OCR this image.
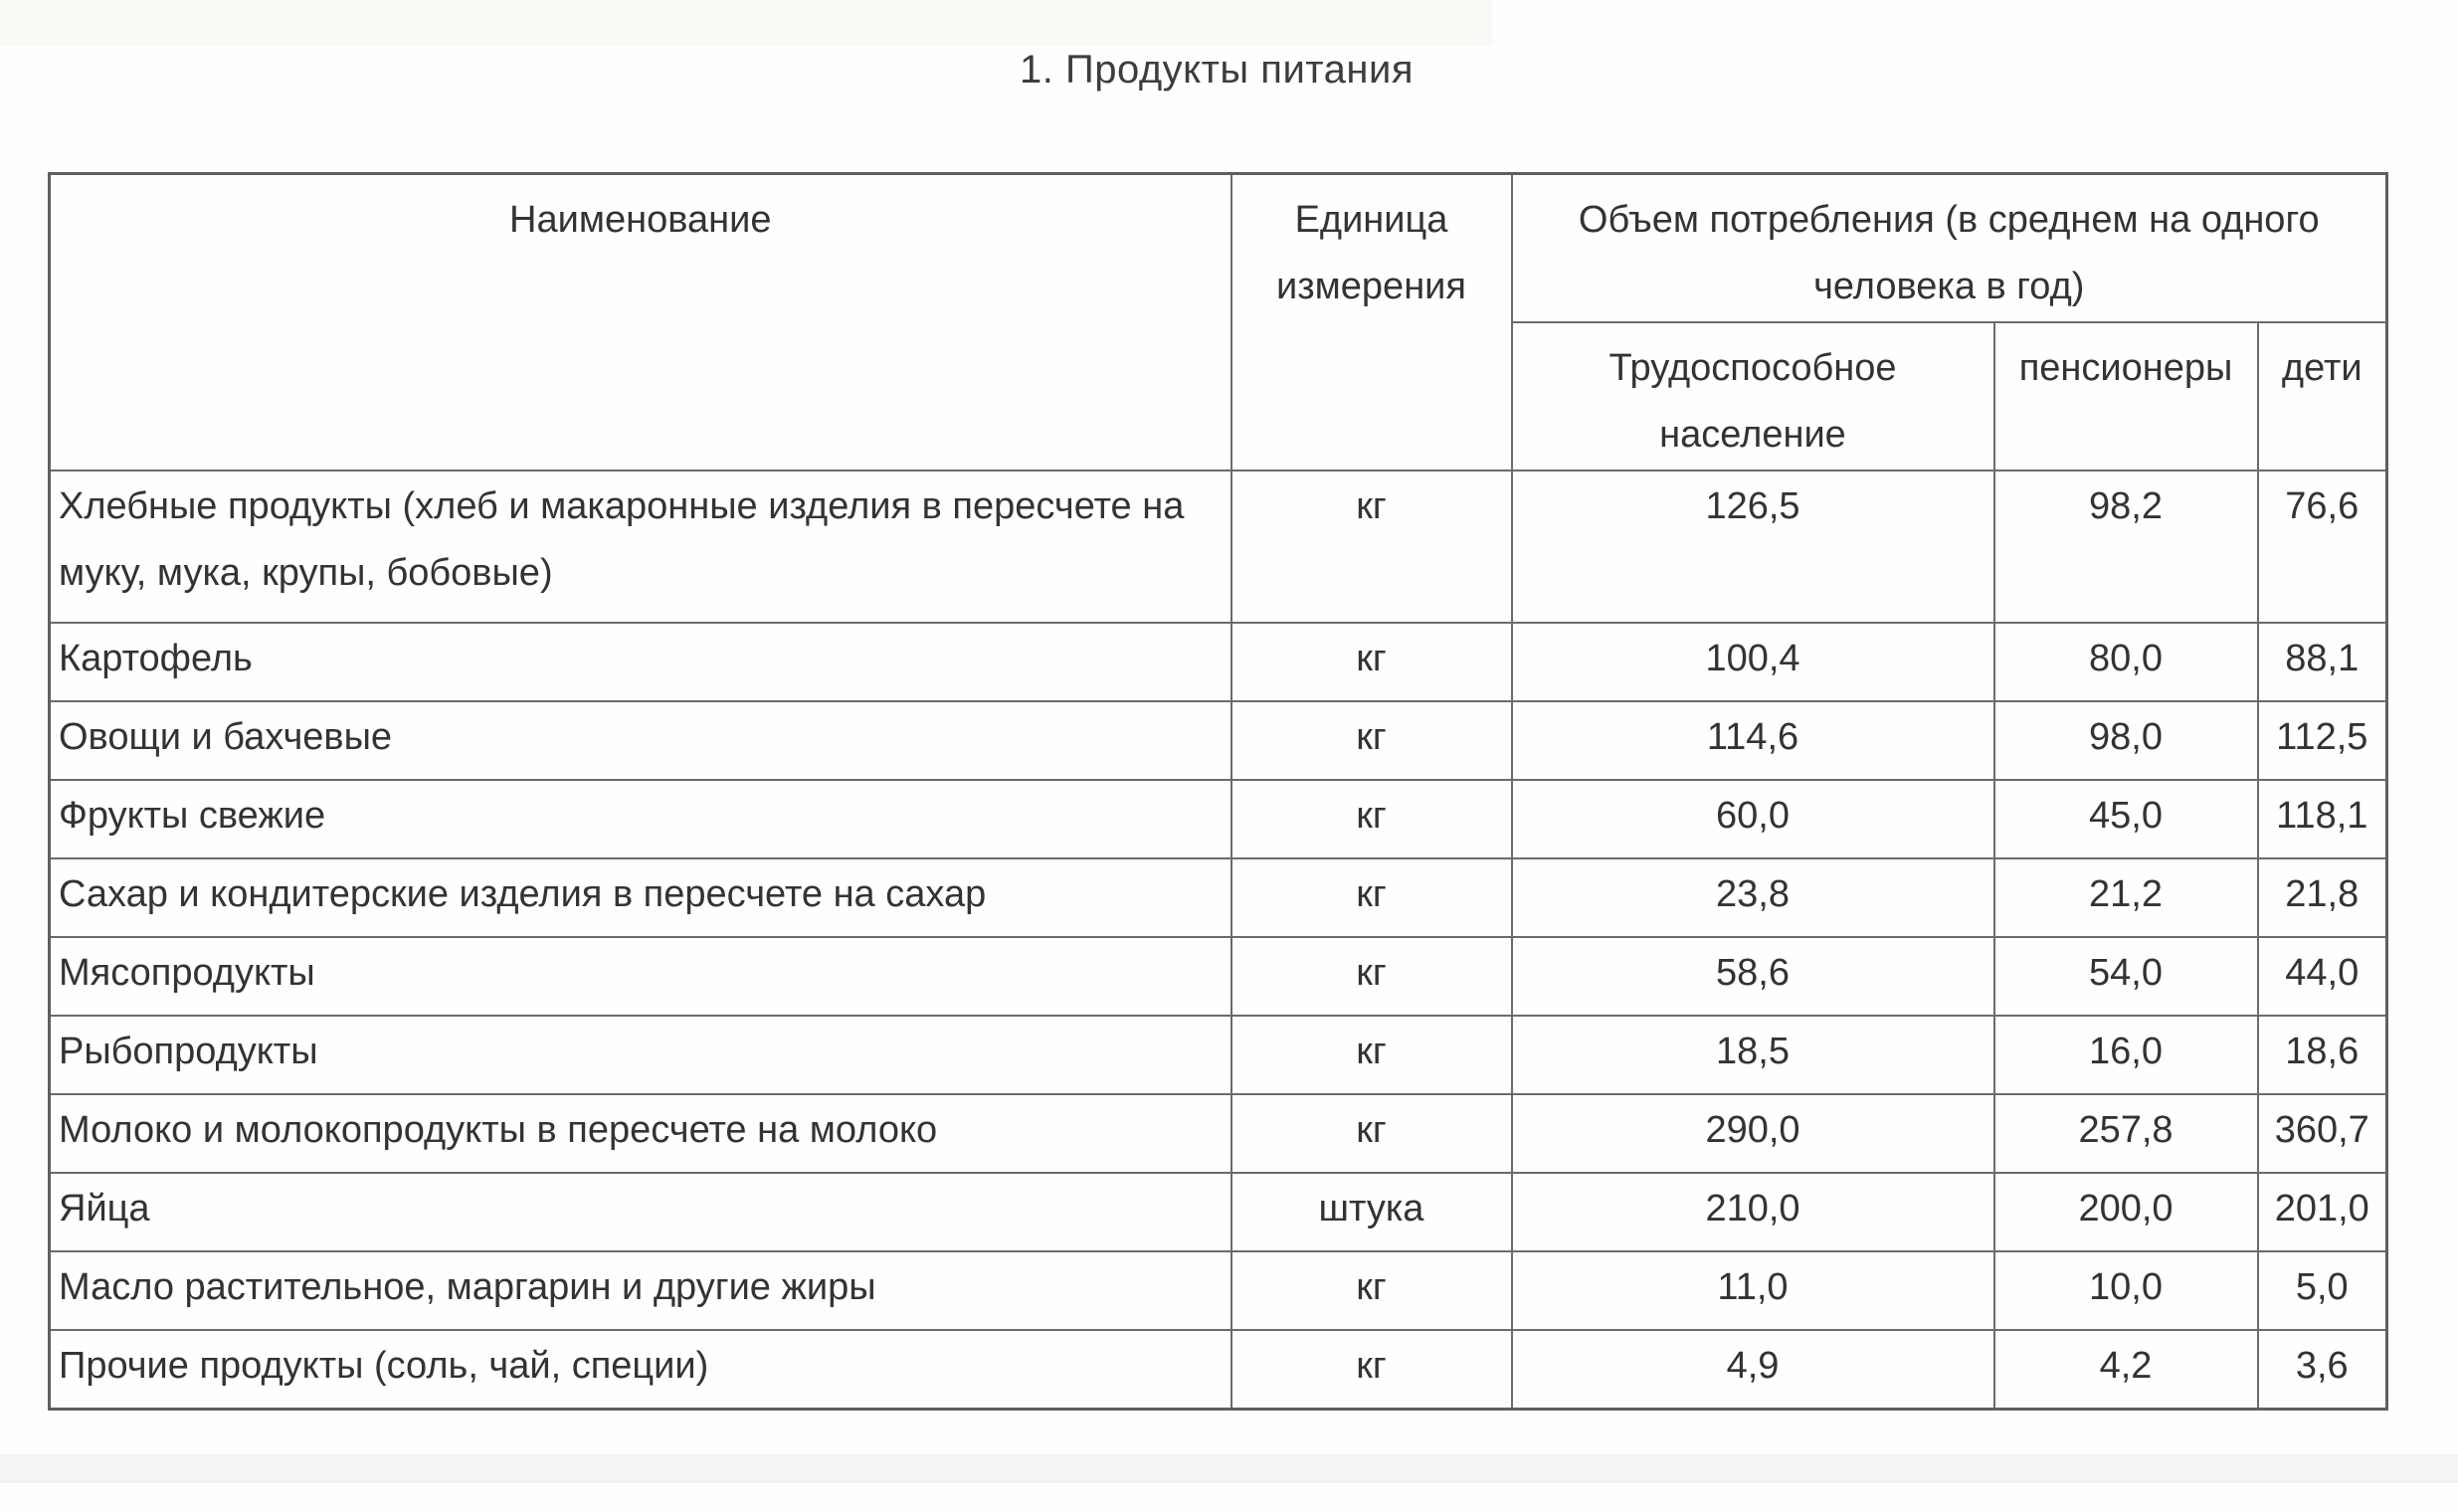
1. Продукты питания
Наименование	Единица измерения	Объем потребления (в среднем на одного человека в год)		
		Трудоспособное население	пенсионеры	дети
Хлебные продукты (хлеб и макаронные изделия в пересчете на муку, мука, крупы, бобовые)	кг	126,5	98,2	76,6
Картофель	кг	100,4	80,0	88,1
Овощи и бахчевые	кг	114,6	98,0	112,5
Фрукты свежие	кг	60,0	45,0	118,1
Сахар и кондитерские изделия в пересчете на сахар	кг	23,8	21,2	21,8
Мясопродукты	кг	58,6	54,0	44,0
Рыбопродукты	кг	18,5	16,0	18,6
Молоко и молокопродукты в пересчете на молоко	кг	290,0	257,8	360,7
Яйца	штука	210,0	200,0	201,0
Масло растительное, маргарин и другие жиры	кг	11,0	10,0	5,0
Прочие продукты (соль, чай, специи)	кг	4,9	4,2	3,6
